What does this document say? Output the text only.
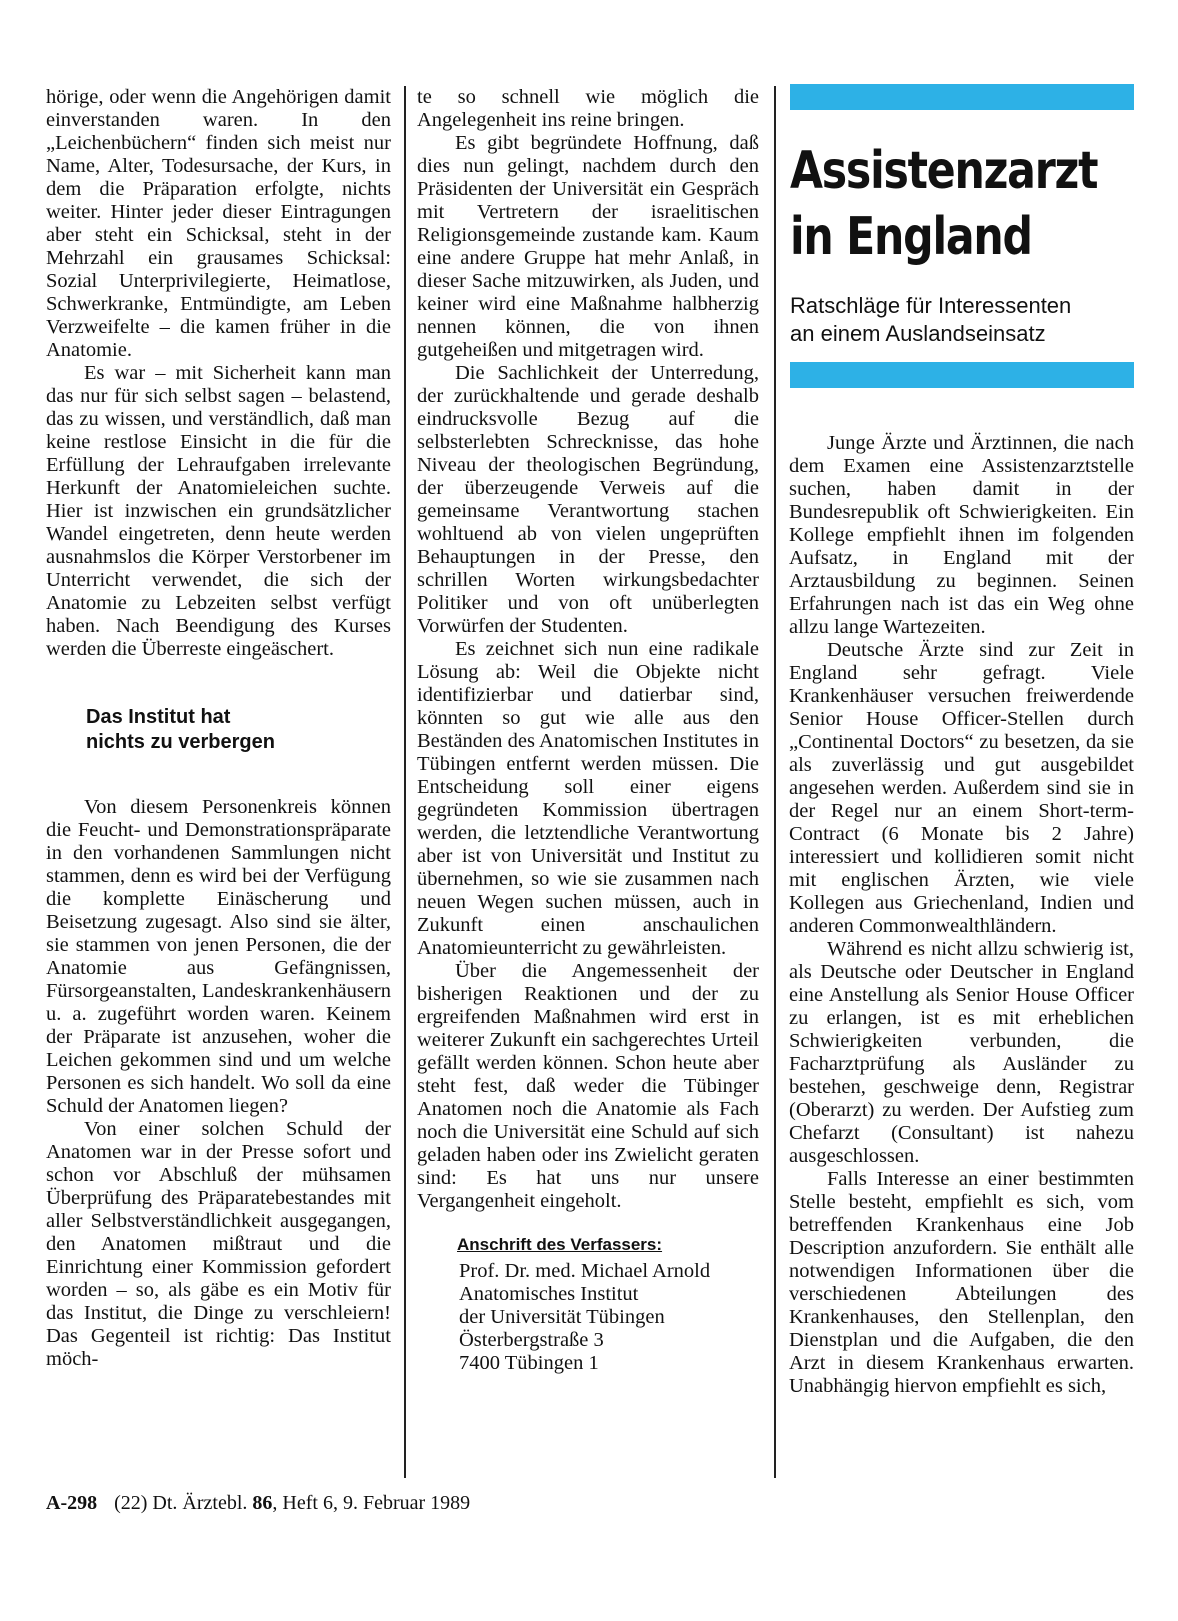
hörige, oder wenn die Angehörigen damit einverstanden waren. In den „Leichenbüchern“ finden sich meist nur Name, Alter, Todesursache, der Kurs, in dem die Präparation erfolgte, nichts weiter. Hinter jeder dieser Eintragungen aber steht ein Schicksal, steht in der Mehrzahl ein grausames Schicksal: Sozial Unterprivilegierte, Heimatlose, Schwerkranke, Entmündigte, am Leben Verzweifelte – die kamen früher in die Anatomie.

Es war – mit Sicherheit kann man das nur für sich selbst sagen – belastend, das zu wissen, und verständlich, daß man keine restlose Einsicht in die für die Erfüllung der Lehraufgaben irrelevante Herkunft der Anatomieleichen suchte. Hier ist inzwischen ein grundsätzlicher Wandel eingetreten, denn heute werden ausnahmslos die Körper Verstorbener im Unterricht verwendet, die sich der Anatomie zu Lebzeiten selbst verfügt haben. Nach Beendigung des Kurses werden die Überreste eingeäschert.

Das Institut hat
nichts zu verbergen

Von diesem Personenkreis können die Feucht- und Demonstrationspräparate in den vorhandenen Sammlungen nicht stammen, denn es wird bei der Verfügung die komplette Einäscherung und Beisetzung zugesagt. Also sind sie älter, sie stammen von jenen Personen, die der Anatomie aus Gefängnissen, Fürsorgeanstalten, Landeskrankenhäusern u. a. zugeführt worden waren. Keinem der Präparate ist anzusehen, woher die Leichen gekommen sind und um welche Personen es sich handelt. Wo soll da eine Schuld der Anatomen liegen?

Von einer solchen Schuld der Anatomen war in der Presse sofort und schon vor Abschluß der mühsamen Überprüfung des Präparatebestandes mit aller Selbstverständlichkeit ausgegangen, den Anatomen mißtraut und die Einrichtung einer Kommission gefordert worden – so, als gäbe es ein Motiv für das Institut, die Dinge zu verschleiern! Das Gegenteil ist richtig: Das Institut möch-

te so schnell wie möglich die Angelegenheit ins reine bringen.

Es gibt begründete Hoffnung, daß dies nun gelingt, nachdem durch den Präsidenten der Universität ein Gespräch mit Vertretern der israelitischen Religionsgemeinde zustande kam. Kaum eine andere Gruppe hat mehr Anlaß, in dieser Sache mitzuwirken, als Juden, und keiner wird eine Maßnahme halbherzig nennen können, die von ihnen gutgeheißen und mitgetragen wird.

Die Sachlichkeit der Unterredung, der zurückhaltende und gerade deshalb eindrucksvolle Bezug auf die selbsterlebten Schrecknisse, das hohe Niveau der theologischen Begründung, der überzeugende Verweis auf die gemeinsame Verantwortung stachen wohltuend ab von vielen ungeprüften Behauptungen in der Presse, den schrillen Worten wirkungsbedachter Politiker und von oft unüberlegten Vorwürfen der Studenten.

Es zeichnet sich nun eine radikale Lösung ab: Weil die Objekte nicht identifizierbar und datierbar sind, könnten so gut wie alle aus den Beständen des Anatomischen Institutes in Tübingen entfernt werden müssen. Die Entscheidung soll einer eigens gegründeten Kommission übertragen werden, die letztendliche Verantwortung aber ist von Universität und Institut zu übernehmen, so wie sie zusammen nach neuen Wegen suchen müssen, auch in Zukunft einen anschaulichen Anatomieunterricht zu gewährleisten.

Über die Angemessenheit der bisherigen Reaktionen und der zu ergreifenden Maßnahmen wird erst in weiterer Zukunft ein sachgerechtes Urteil gefällt werden können. Schon heute aber steht fest, daß weder die Tübinger Anatomen noch die Anatomie als Fach noch die Universität eine Schuld auf sich geladen haben oder ins Zwielicht geraten sind: Es hat uns nur unsere Vergangenheit eingeholt.

Anschrift des Verfassers:
Prof. Dr. med. Michael Arnold
Anatomisches Institut
der Universität Tübingen
Österbergstraße 3
7400 Tübingen 1
Assistenzarzt
in England
Ratschläge für Interessenten
an einem Auslandseinsatz

Junge Ärzte und Ärztinnen, die nach dem Examen eine Assistenzarztstelle suchen, haben damit in der Bundesrepublik oft Schwierigkeiten. Ein Kollege empfiehlt ihnen im folgenden Aufsatz, in England mit der Arztausbildung zu beginnen. Seinen Erfahrungen nach ist das ein Weg ohne allzu lange Wartezeiten.

Deutsche Ärzte sind zur Zeit in England sehr gefragt. Viele Krankenhäuser versuchen freiwerdende Senior House Officer-Stellen durch „Continental Doctors“ zu besetzen, da sie als zuverlässig und gut ausgebildet angesehen werden. Außerdem sind sie in der Regel nur an einem Short-term-Contract (6 Monate bis 2 Jahre) interessiert und kollidieren somit nicht mit englischen Ärzten, wie viele Kollegen aus Griechenland, Indien und anderen Commonwealthländern.

Während es nicht allzu schwierig ist, als Deutsche oder Deutscher in England eine Anstellung als Senior House Officer zu erlangen, ist es mit erheblichen Schwierigkeiten verbunden, die Facharztprüfung als Ausländer zu bestehen, geschweige denn, Registrar (Oberarzt) zu werden. Der Aufstieg zum Chefarzt (Consultant) ist nahezu ausgeschlossen.

Falls Interesse an einer bestimmten Stelle besteht, empfiehlt es sich, vom betreffenden Krankenhaus eine Job Description anzufordern. Sie enthält alle notwendigen Informationen über die verschiedenen Abteilungen des Krankenhauses, den Stellenplan, den Dienstplan und die Aufgaben, die den Arzt in diesem Krankenhaus erwarten. Unabhängig hiervon empfiehlt es sich,

A-298 (22) Dt. Ärztebl. 86, Heft 6, 9. Februar 1989
